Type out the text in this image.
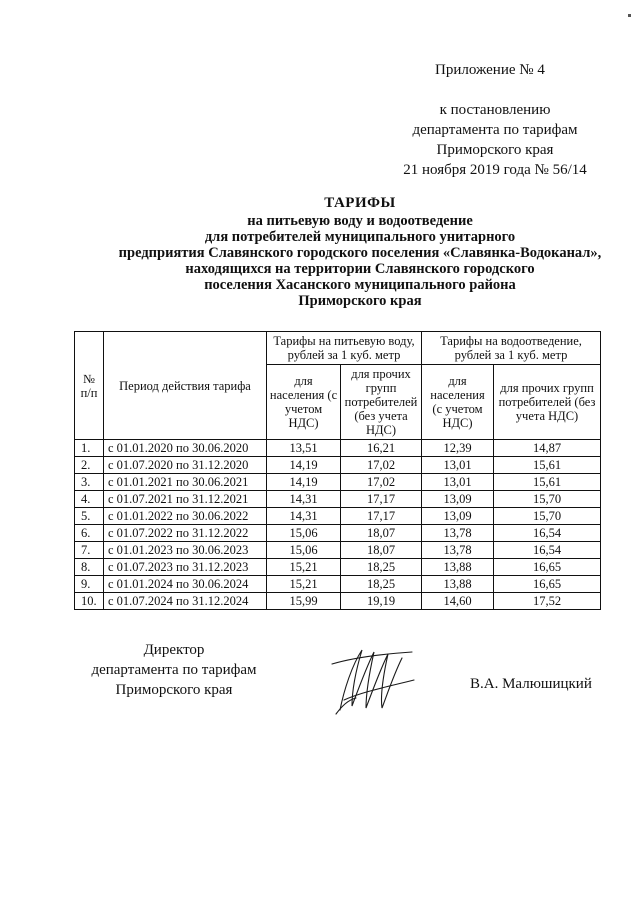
Приложение № 4
к постановлению
департамента по тарифам
Приморского края
21 ноября 2019 года № 56/14
ТАРИФЫ
на питьевую воду и водоотведение
для потребителей муниципального унитарного
предприятия Славянского городского поселения «Славянка-Водоканал»,
находящихся на территории Славянского городского
поселения Хасанского муниципального района
Приморского края
№ п/п	Период действия тарифа	Тарифы на питьевую воду, рублей за 1 куб. метр		Тарифы на водоотведение, рублей за 1 куб. метр	
		для населения (с учетом НДС)	для прочих групп потребителей (без учета НДС)	для населения (с учетом НДС)	для прочих групп потребителей (без учета НДС)
1.	с 01.01.2020 по 30.06.2020	13,51	16,21	12,39	14,87
2.	с 01.07.2020 по 31.12.2020	14,19	17,02	13,01	15,61
3.	с 01.01.2021 по 30.06.2021	14,19	17,02	13,01	15,61
4.	с 01.07.2021 по 31.12.2021	14,31	17,17	13,09	15,70
5.	с 01.01.2022 по 30.06.2022	14,31	17,17	13,09	15,70
6.	с 01.07.2022 по 31.12.2022	15,06	18,07	13,78	16,54
7.	с 01.01.2023 по 30.06.2023	15,06	18,07	13,78	16,54
8.	с 01.07.2023 по 31.12.2023	15,21	18,25	13,88	16,65
9.	с 01.01.2024 по 30.06.2024	15,21	18,25	13,88	16,65
10.	с 01.07.2024 по 31.12.2024	15,99	19,19	14,60	17,52
Директор
департамента по тарифам
Приморского края	В.А. Малюшицкий
